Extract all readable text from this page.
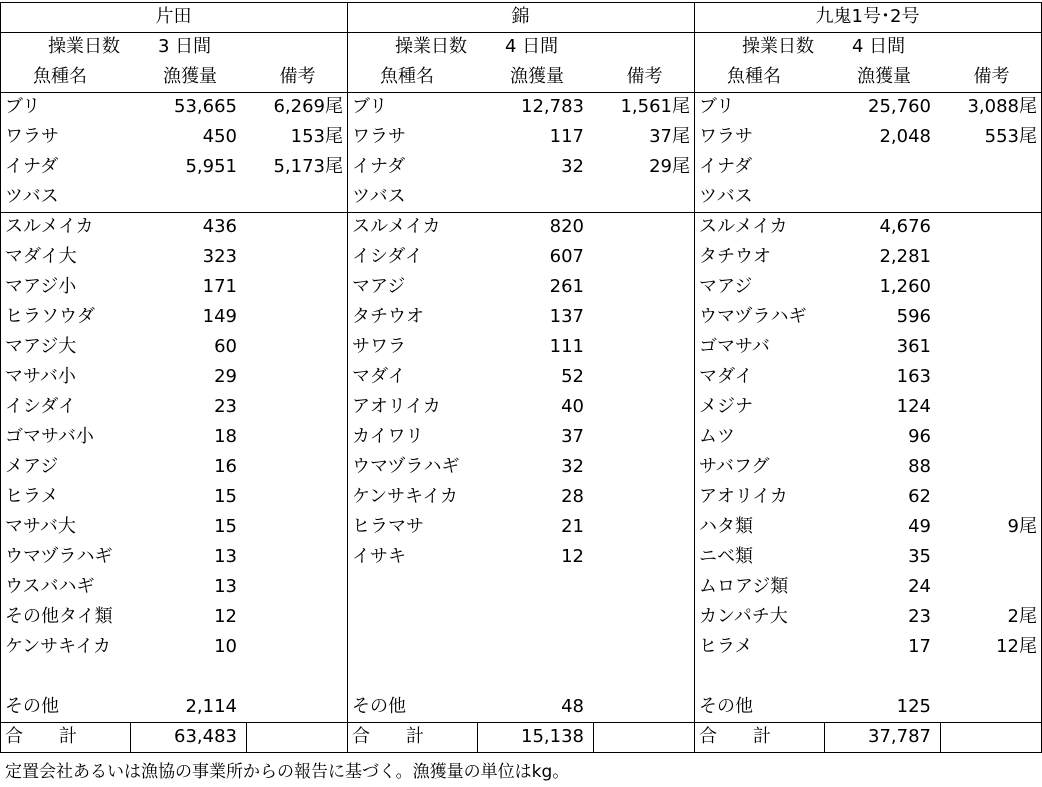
片田
操業日数	3 日間
魚種名	漁獲量	備考
ブリ	53,665	6,269尾
ワラサ	450	153尾
イナダ	5,951	5,173尾
ツバス
スルメイカ	436
マダイ大	323
マアジ小	171
ヒラソウダ	149
マアジ大	60
マサバ小	29
イシダイ	23
ゴマサバ小	18
メアジ	16
ヒラメ	15
マサバ大	15
ウマヅラハギ	13
ウスバハギ	13
その他タイ類	12
ケンサキイカ	10
その他	2,114
合　　計	63,483
錦
操業日数	4 日間
魚種名	漁獲量	備考
ブリ	12,783	1,561尾
ワラサ	117	37尾
イナダ	32	29尾
ツバス
スルメイカ	820
イシダイ	607
マアジ	261
タチウオ	137
サワラ	111
マダイ	52
アオリイカ	40
カイワリ	37
ウマヅラハギ	32
ケンサキイカ	28
ヒラマサ	21
イサキ	12
その他	48
合　　計	15,138
九鬼1号･2号
操業日数	4 日間
魚種名	漁獲量	備考
ブリ	25,760	3,088尾
ワラサ	2,048	553尾
イナダ
ツバス
スルメイカ	4,676
タチウオ	2,281
マアジ	1,260
ウマヅラハギ	596
ゴマサバ	361
マダイ	163
メジナ	124
ムツ	96
サバフグ	88
アオリイカ	62
ハタ類	49	9尾
ニベ類	35
ムロアジ類	24
カンパチ大	23	2尾
ヒラメ	17	12尾
その他	125
合　　計	37,787
定置会社あるいは漁協の事業所からの報告に基づく。漁獲量の単位はkg。
